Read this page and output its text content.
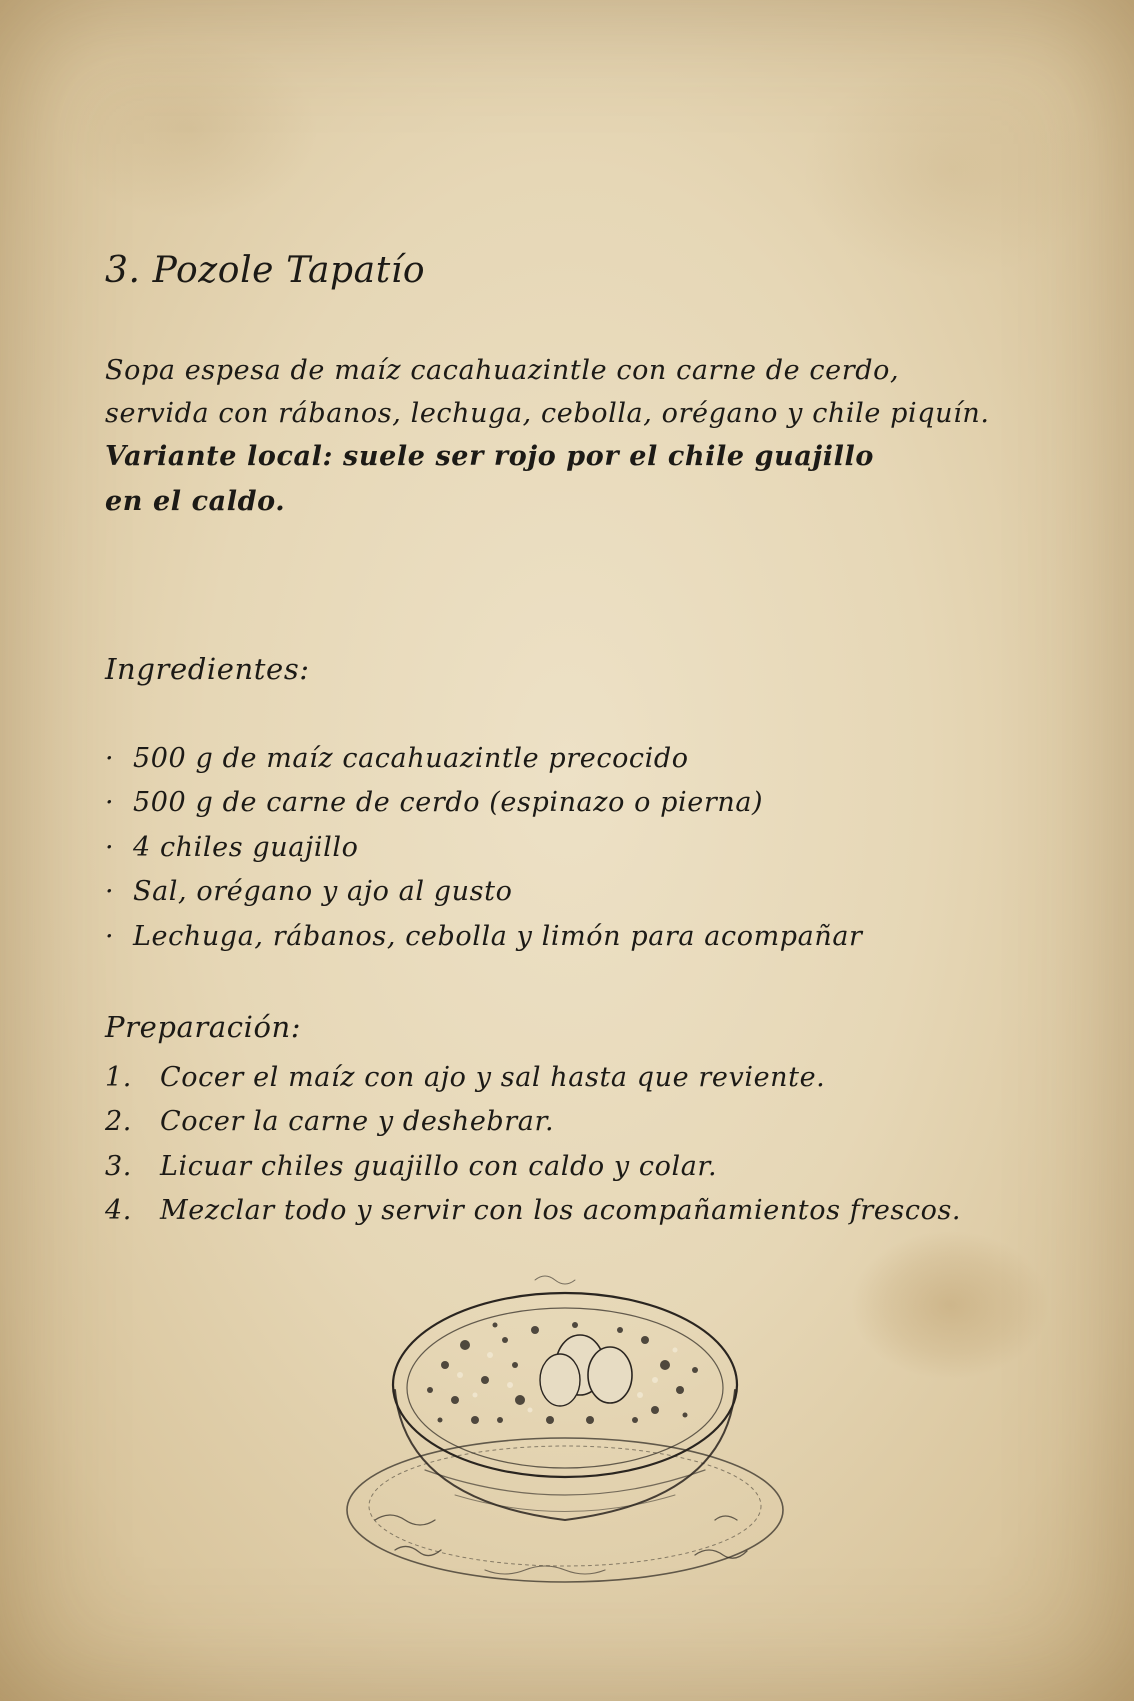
3. Pozole Tapatío
Sopa espesa de maíz cacahuazintle con carne de cerdo,
servida con rábanos, lechuga, cebolla, orégano y chile piquín.
Variante local: suele ser rojo por el chile guajillo
en el caldo.
Ingredientes:
· 500 g de maíz cacahuazintle precocido
· 500 g de carne de cerdo (espinazo o pierna)
· 4 chiles guajillo
· Sal, orégano y ajo al gusto
· Lechuga, rábanos, cebolla y limón para acompañar
Preparación:
1. Cocer el maíz con ajo y sal hasta que reviente.
2. Cocer la carne y deshebrar.
3. Licuar chiles guajillo con caldo y colar.
4. Mezclar todo y servir con los acompañamientos frescos.
